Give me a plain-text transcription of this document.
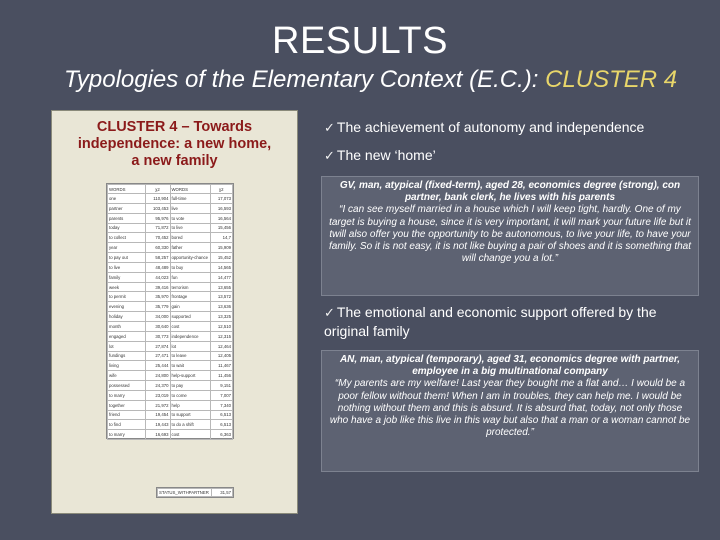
RESULTS
Typologies of the Elementary Context (E.C.): CLUSTER 4
CLUSTER 4 – Towards
independence: a new home,
a new family
WORDS	χ2	WORDS	χ2
one	110,904	full-time	17,073
partner	103,453	live	16,593
parents	95,976	to vote	16,564
today	71,872	to live	15,456
to collect	70,452	bored	14,7
year	60,330	father	15,909
to pay out	58,257	opportunity-chance	15,452
to live	48,489	to buy	14,565
family	44,023	fun	14,477
week	39,416	terrorism	13,655
to permit	35,970	frontage	13,572
evening	35,779	gain	13,636
holiday	34,000	supported	13,325
month	30,640	cost	12,510
engaged	30,773	independence	12,315
lot	27,874	lot	12,464
fundings	27,471	to leave	12,405
living	25,444	to wait	11,467
wife	24,800	help-support	11,456
possessed	24,370	to pay	9,151
to marry	23,019	to come	7,007
together	21,972	help	7,340
friend	19,454	to support	6,513
to find	19,443	to do a shift	6,513
to marry	16,693	cost	6,363
STATUS_WITHPARTNER	31,57
✓ The achievement of autonomy and independence
✓ The new ‘home’
GV, man, atypical (fixed-term), aged 28, economics degree (strong), con partner, bank clerk, he lives with his parents
“I can see myself married in a house which I will keep tight, hardly. One of my target is buying a house, since it is very important, it will mark your future life but it twill also offer you the opportunity to be autonomous, to live your life, to have your family. So it is not easy, it is not like buying a pair of shoes and it is something that will change you a lot.”
✓ The emotional and economic support offered by the original family
AN, man, atypical (temporary), aged 31, economics degree with partner, employee in a big multinational company
“My parents are my welfare! Last year they bought me a flat and… I would be a poor fellow without them! When I am in troubles, they can help me. I would be nothing without them and this is absurd. It is absurd that, today, not only those who have a job like this live in this way but also that a man or a woman cannot be protected.”
